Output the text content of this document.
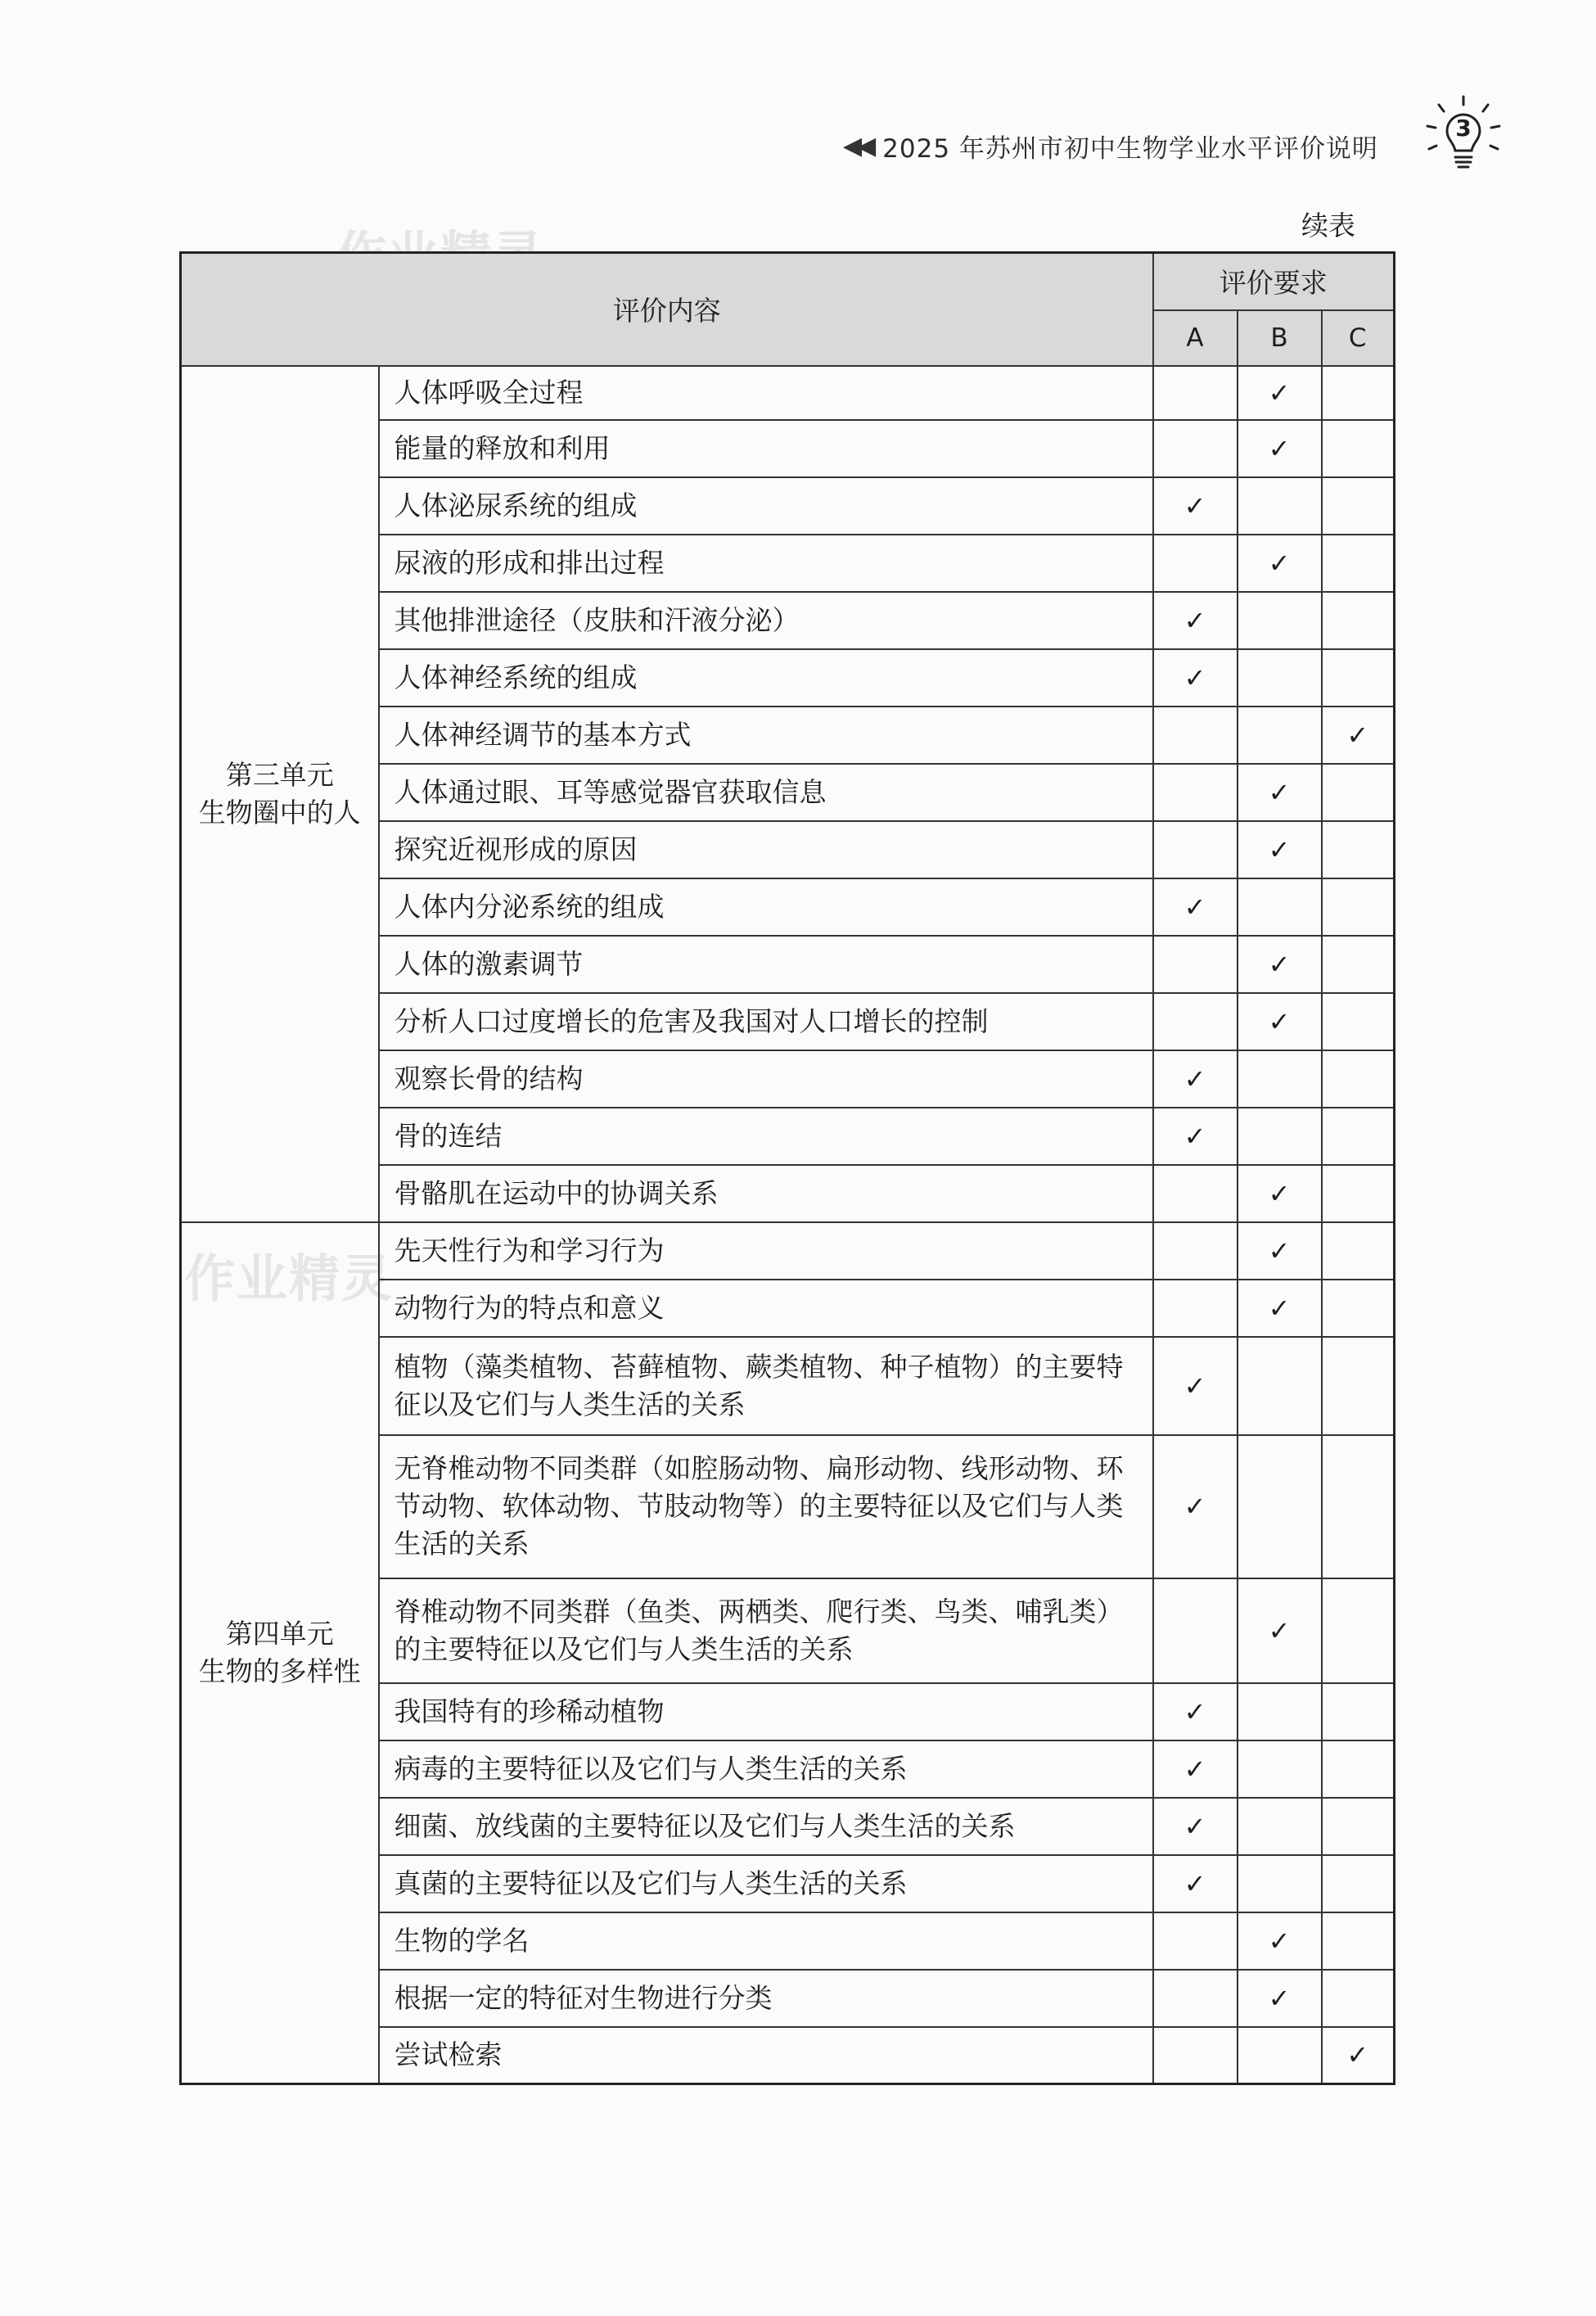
◀◀ 2025 年苏州市初中生物学业水平评价说明
3
续表
作业精灵
评价内容		评价要求		
		A	B	C

第三单元
生物圈中的人	人体呼吸全过程		✓	
	能量的释放和利用		✓	
	人体泌尿系统的组成	✓		
	尿液的形成和排出过程		✓	
	其他排泄途径（皮肤和汗液分泌）	✓		
	人体神经系统的组成	✓		
	人体神经调节的基本方式			✓
	人体通过眼、耳等感觉器官获取信息		✓	
	探究近视形成的原因		✓	
	人体内分泌系统的组成	✓		
	人体的激素调节		✓	
	分析人口过度增长的危害及我国对人口增长的控制		✓	
	观察长骨的结构	✓		
	骨的连结	✓		
	骨骼肌在运动中的协调关系		✓	

第四单元
生物的多样性	先天性行为和学习行为		✓	
	动物行为的特点和意义		✓	
	植物（藻类植物、苔藓植物、蕨类植物、种子植物）的主要特征以及它们与人类生活的关系	✓		
	无脊椎动物不同类群（如腔肠动物、扁形动物、线形动物、环节动物、软体动物、节肢动物等）的主要特征以及它们与人类生活的关系	✓		
	脊椎动物不同类群（鱼类、两栖类、爬行类、鸟类、哺乳类）的主要特征以及它们与人类生活的关系		✓	
	我国特有的珍稀动植物	✓		
	病毒的主要特征以及它们与人类生活的关系	✓		
	细菌、放线菌的主要特征以及它们与人类生活的关系	✓		
	真菌的主要特征以及它们与人类生活的关系	✓		
	生物的学名		✓	
	根据一定的特征对生物进行分类		✓	
	尝试检索			✓
